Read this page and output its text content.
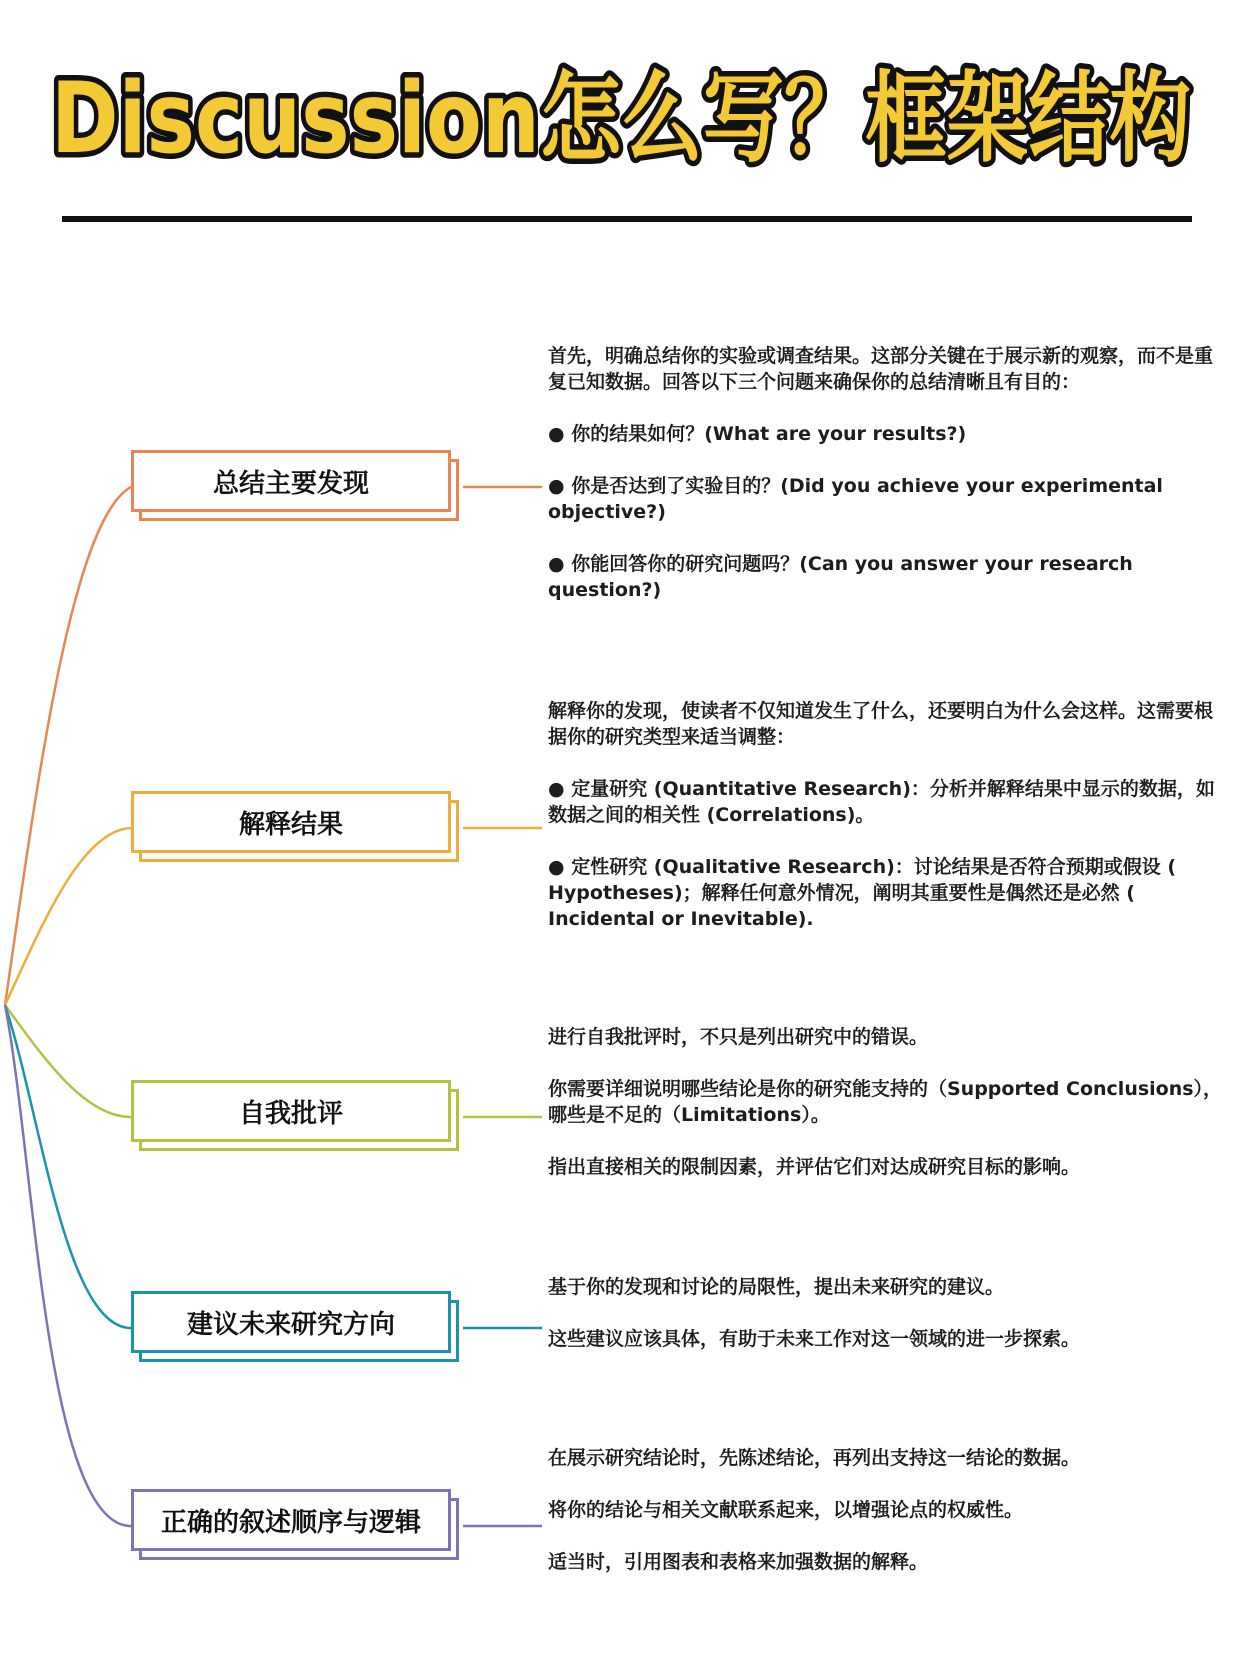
Discussion怎么写？框架结构
总结主要发现

首先，明确总结你的实验或调查结果。这部分关键在于展示新的观察，而不是重复已知数据。回答以下三个问题来确保你的总结清晰且有目的：

● 你的结果如何？(What are your results?)

● 你是否达到了实验目的？(Did you achieve your experimental objective?)

● 你能回答你的研究问题吗？(Can you answer your research question?)

解释结果

解释你的发现，使读者不仅知道发生了什么，还要明白为什么会这样。这需要根据你的研究类型来适当调整：

● 定量研究 (Quantitative Research)：分析并解释结果中显示的数据，如数据之间的相关性 (Correlations)。

● 定性研究 (Qualitative Research)：讨论结果是否符合预期或假设 ( Hypotheses)；解释任何意外情况，阐明其重要性是偶然还是必然 ( Incidental or Inevitable).

自我批评

进行自我批评时，不只是列出研究中的错误。

你需要详细说明哪些结论是你的研究能支持的（Supported Conclusions），哪些是不足的（Limitations）。

指出直接相关的限制因素，并评估它们对达成研究目标的影响。

建议未来研究方向

基于你的发现和讨论的局限性，提出未来研究的建议。

这些建议应该具体，有助于未来工作对这一领域的进一步探索。

正确的叙述顺序与逻辑

在展示研究结论时，先陈述结论，再列出支持这一结论的数据。

将你的结论与相关文献联系起来，以增强论点的权威性。

适当时，引用图表和表格来加强数据的解释。
